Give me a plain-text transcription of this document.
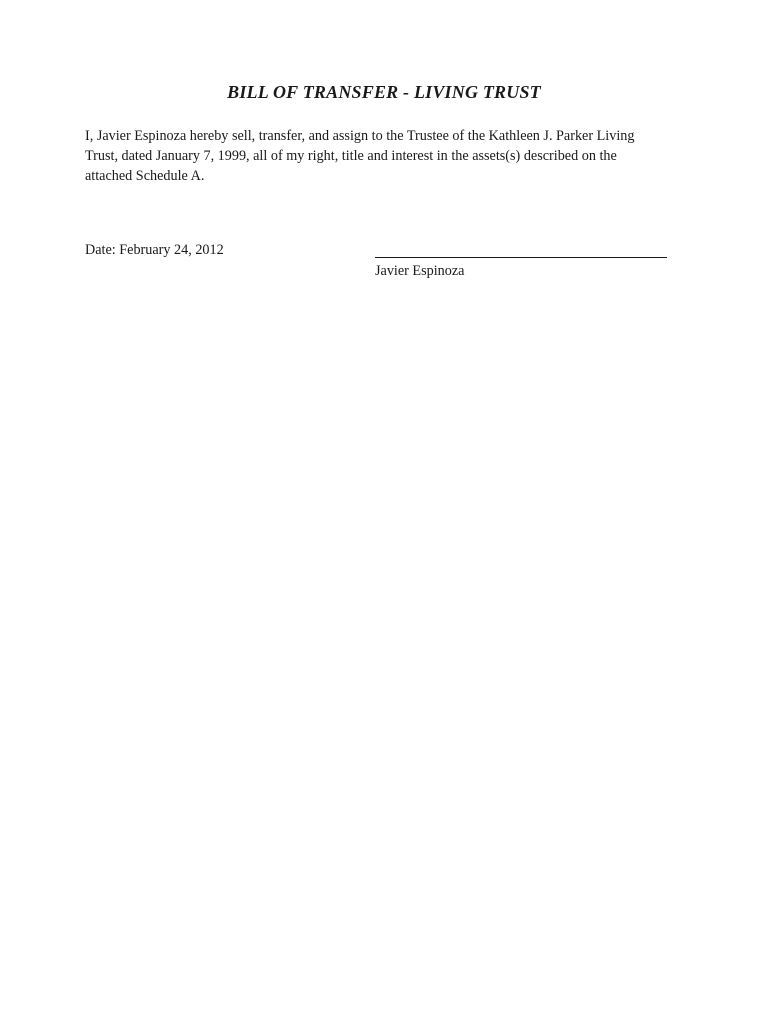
BILL OF TRANSFER - LIVING TRUST

I, Javier Espinoza hereby sell, transfer, and assign to the Trustee of the Kathleen J. Parker Living
Trust, dated January 7, 1999, all of my right, title and interest in the assets(s) described on the
attached Schedule A.

Date: February 24, 2012

Javier Espinoza
